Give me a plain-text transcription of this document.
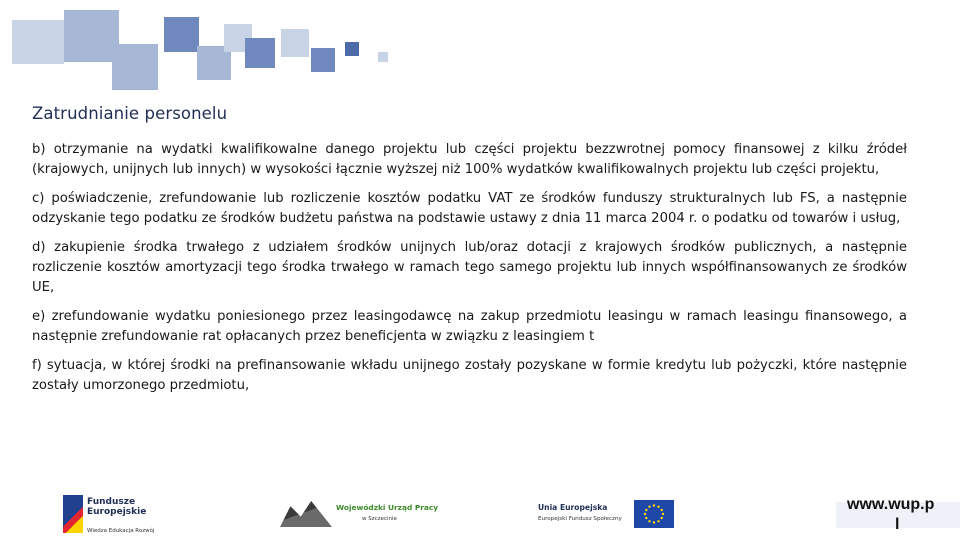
Zatrudnianie personelu

b) otrzymanie na wydatki kwalifikowalne danego projektu lub części projektu bezzwrotnej pomocy finansowej z kilku źródeł (krajowych, unijnych lub innych) w wysokości łącznie wyższej niż 100% wydatków kwalifikowalnych projektu lub części projektu,

c) poświadczenie, zrefundowanie lub rozliczenie kosztów podatku VAT ze środków funduszy strukturalnych lub FS, a następnie odzyskanie tego podatku ze środków budżetu państwa na podstawie ustawy z dnia 11 marca 2004 r. o podatku od towarów i usług,

d) zakupienie środka trwałego z udziałem środków unijnych lub/oraz dotacji z krajowych środków publicznych, a następnie rozliczenie kosztów amortyzacji tego środka trwałego w ramach tego samego projektu lub innych współfinansowanych ze środków UE,

e) zrefundowanie wydatku poniesionego przez leasingodawcę na zakup przedmiotu leasingu w ramach leasingu finansowego, a następnie zrefundowanie rat opłacanych przez beneficjenta w związku z leasingiem t

f) sytuacja, w której środki na prefinansowanie wkładu unijnego zostały pozyskane w formie kredytu lub pożyczki, które następnie zostały umorzonego przedmiotu,

Fundusze
Europejskie
Wiedza Edukacja Rozwój
Wojewódzki Urząd Pracy
w Szczecinie
Unia Europejska
Europejski Fundusz Społeczny
www.wup.p
l
